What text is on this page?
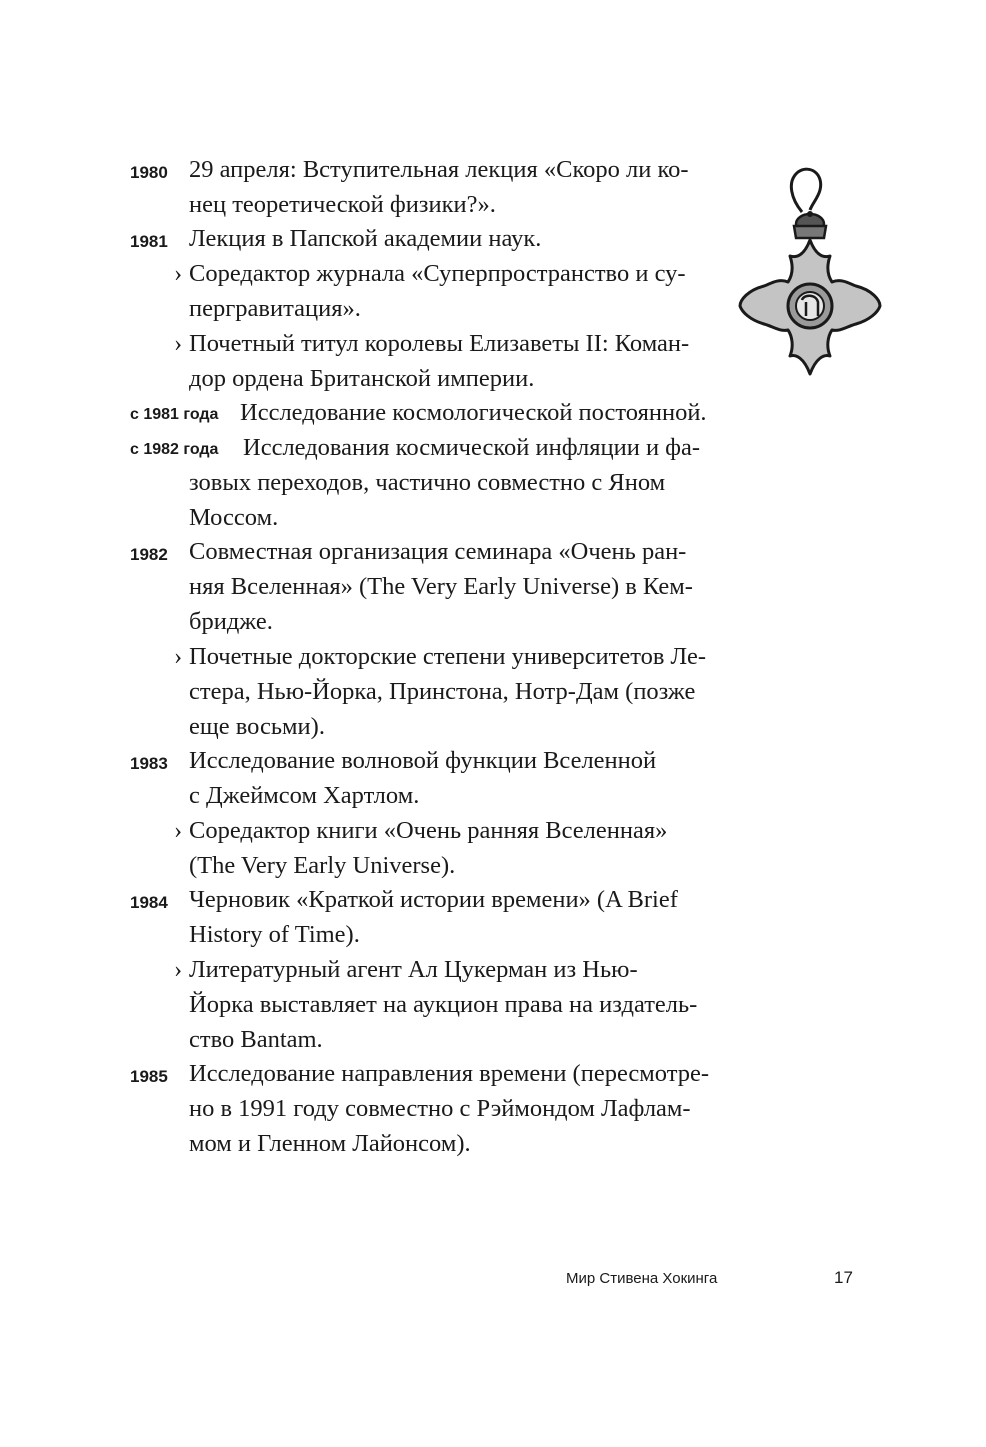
1980 29 апреля: Вступительная лекция «Скоро ли ко-
нец теоретической физики?».
1981 Лекция в Папской академии наук.
› Соредактор журнала «Суперпространство и су-
пергравитация».
› Почетный титул королевы Елизаветы II: Коман-
дор ордена Британской империи.
с 1981 года Исследование космологической постоянной.
с 1982 года Исследования космической инфляции и фа-
зовых переходов, частично совместно с Яном
Моссом.
1982 Совместная организация семинара «Очень ран-
няя Вселенная» (The Very Early Universe) в Кем-
бридже.
› Почетные докторские степени университетов Ле-
стера, Нью-Йорка, Принстона, Нотр-Дам (позже
еще восьми).
1983 Исследование волновой функции Вселенной
с Джеймсом Хартлом.
› Соредактор книги «Очень ранняя Вселенная»
(The Very Early Universe).
1984 Черновик «Краткой истории времени» (A Brief
History of Time).
› Литературный агент Ал Цукерман из Нью-
Йорка выставляет на аукцион права на издатель-
ство Bantam.
1985 Исследование направления времени (пересмотре-
но в 1991 году совместно с Рэймондом Лафлам-
мом и Гленном Лайонсом).
Мир Стивена Хокинга	17
